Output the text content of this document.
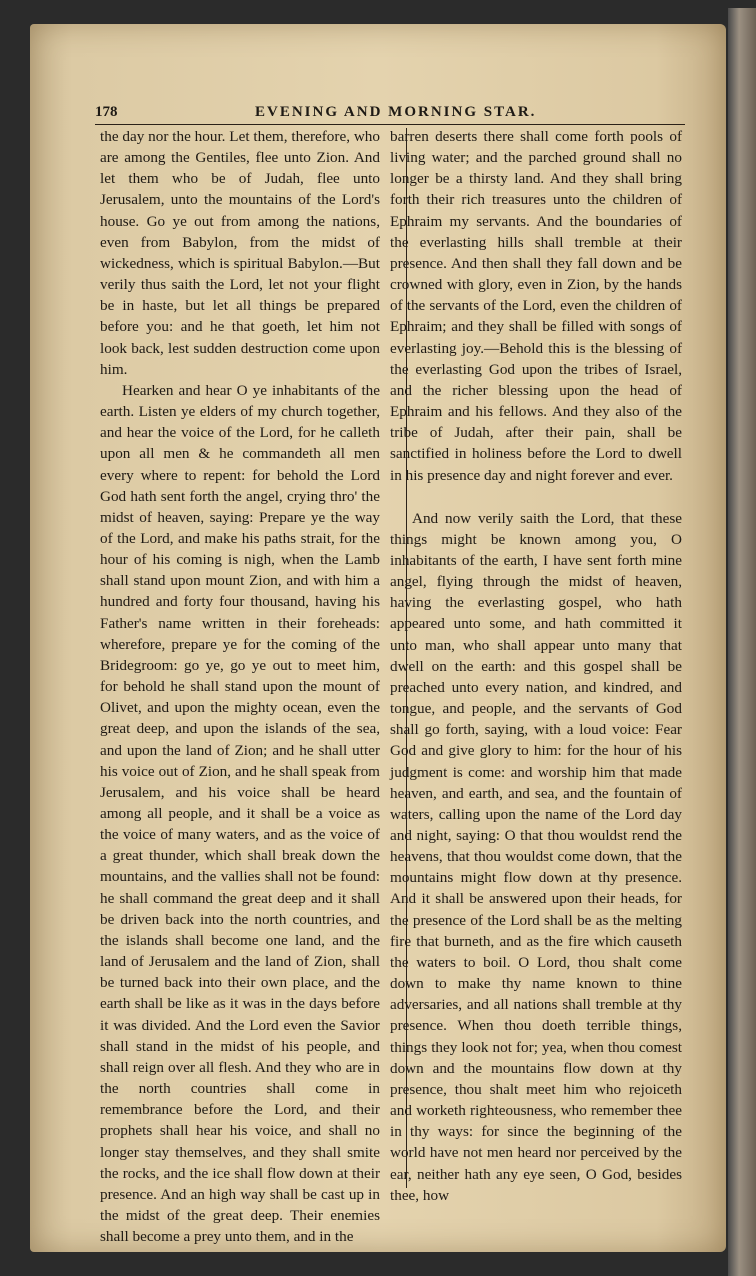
178	EVENING AND MORNING STAR.

the day nor the hour. Let them, therefore, who are among the Gentiles, flee unto Zion. And let them who be of Judah, flee unto Jerusalem, unto the mountains of the Lord's house. Go ye out from among the nations, even from Babylon, from the midst of wickedness, which is spiritual Babylon.—But verily thus saith the Lord, let not your flight be in haste, but let all things be prepared before you: and he that goeth, let him not look back, lest sudden destruction come upon him.

Hearken and hear O ye inhabitants of the earth. Listen ye elders of my church together, and hear the voice of the Lord, for he calleth upon all men & he commandeth all men every where to repent: for behold the Lord God hath sent forth the angel, crying thro' the midst of heaven, saying: Prepare ye the way of the Lord, and make his paths strait, for the hour of his coming is nigh, when the Lamb shall stand upon mount Zion, and with him a hundred and forty four thousand, having his Father's name written in their foreheads: wherefore, prepare ye for the coming of the Bridegroom: go ye, go ye out to meet him, for behold he shall stand upon the mount of Olivet, and upon the mighty ocean, even the great deep, and upon the islands of the sea, and upon the land of Zion; and he shall utter his voice out of Zion, and he shall speak from Jerusalem, and his voice shall be heard among all people, and it shall be a voice as the voice of many waters, and as the voice of a great thunder, which shall break down the mountains, and the vallies shall not be found: he shall command the great deep and it shall be driven back into the north countries, and the islands shall become one land, and the land of Jerusalem and the land of Zion, shall be turned back into their own place, and the earth shall be like as it was in the days before it was divided. And the Lord even the Savior shall stand in the midst of his people, and shall reign over all flesh. And they who are in the north countries shall come in remembrance before the Lord, and their prophets shall hear his voice, and shall no longer stay themselves, and they shall smite the rocks, and the ice shall flow down at their presence. And an high way shall be cast up in the midst of the great deep. Their enemies shall become a prey unto them, and in the

barren deserts there shall come forth pools of living water; and the parched ground shall no longer be a thirsty land. And they shall bring forth their rich treasures unto the children of Ephraim my servants. And the boundaries of the everlasting hills shall tremble at their presence. And then shall they fall down and be crowned with glory, even in Zion, by the hands of the servants of the Lord, even the children of Ephraim; and they shall be filled with songs of everlasting joy.—Behold this is the blessing of the everlasting God upon the tribes of Israel, and the richer blessing upon the head of Ephraim and his fellows. And they also of the tribe of Judah, after their pain, shall be sanctified in holiness before the Lord to dwell in his presence day and night forever and ever.

And now verily saith the Lord, that these things might be known among you, O inhabitants of the earth, I have sent forth mine angel, flying through the midst of heaven, having the everlasting gospel, who hath appeared unto some, and hath committed it unto man, who shall appear unto many that dwell on the earth: and this gospel shall be preached unto every nation, and kindred, and tongue, and people, and the servants of God shall go forth, saying, with a loud voice: Fear God and give glory to him: for the hour of his judgment is come: and worship him that made heaven, and earth, and sea, and the fountain of waters, calling upon the name of the Lord day and night, saying: O that thou wouldst rend the heavens, that thou wouldst come down, that the mountains might flow down at thy presence. And it shall be answered upon their heads, for the presence of the Lord shall be as the melting fire that burneth, and as the fire which causeth the waters to boil. O Lord, thou shalt come down to make thy name known to thine adversaries, and all nations shall tremble at thy presence. When thou doeth terrible things, things they look not for; yea, when thou comest down and the mountains flow down at thy presence, thou shalt meet him who rejoiceth and worketh righteousness, who remember thee in thy ways: for since the beginning of the world have not men heard nor perceived by the ear, neither hath any eye seen, O God, besides thee, how
